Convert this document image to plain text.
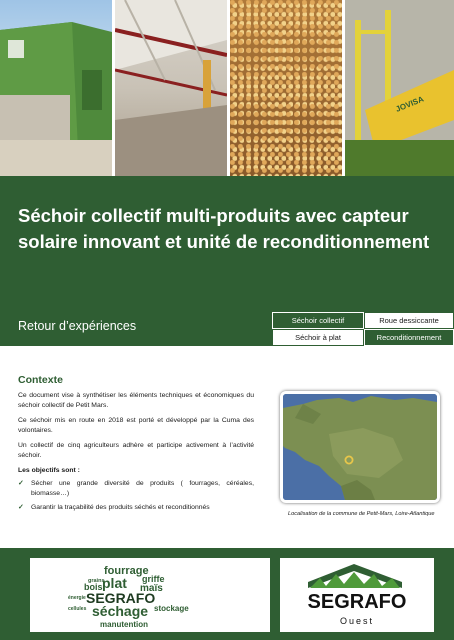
JOVISA
Séchoir collectif multi-produits avec capteur solaire innovant et unité de reconditionnement
Retour d’expériences	Séchoir collectif	Roue dessiccante
Séchoir à plat	Reconditionnement
Contexte

Ce document vise à synthétiser les éléments techniques et économiques du séchoir collectif de Petit Mars.

Ce séchoir mis en route en 2018 est porté et développé par la Cuma des volontaires.

Un collectif de cinq agriculteurs adhère et participe activement à l’activité séchoir.

Les objectifs sont :

✓ Sécher une grande diversité de produits ( fourrages, céréales, biomasse…)
✓ Garantir la traçabilité des produits séchés et reconditionnés
Localisation de la commune de Petit-Mars, Loire-Atlantique
fourrage
grains
plat griffe
bois	maïs
énergie SEGRAFO
cellules séchage stockage
manutention
SEGRAFO
Ouest
